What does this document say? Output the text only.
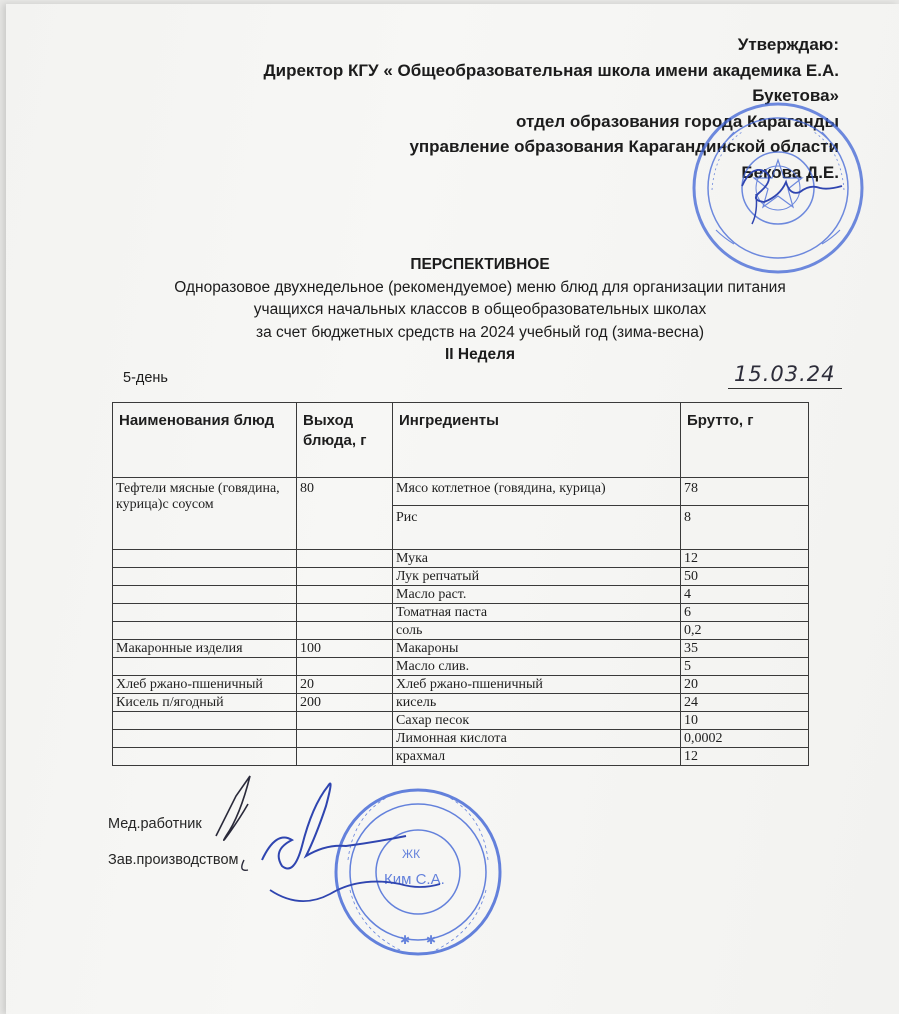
Утверждаю:
Директор КГУ « Общеобразовательная школа имени академика Е.А.
Букетова»
отдел образования города Караганды
управление образования Карагандинской области
Бекова Д.Е.
ПЕРСПЕКТИВНОЕ
Одноразовое двухнедельное (рекомендуемое) меню блюд для организации питания
учащихся начальных классов в общеобразовательных школах
за счет бюджетных средств на 2024 учебный год (зима-весна)
II Неделя
5-день	15.03.24
Наименования блюд	Выход блюда, г	Ингредиенты	Брутто, г
Тефтели мясные (говядина, курица)с соусом	80	Мясо котлетное (говядина, курица)	78
		Рис	8
		Мука	12
		Лук репчатый	50
		Масло раст.	4
		Томатная паста	6
		соль	0,2
Макаронные изделия	100	Макароны	35
		Масло слив.	5
Хлеб ржано-пшеничный	20	Хлеб ржано-пшеничный	20
Кисель п/ягодный	200	кисель	24
		Сахар песок	10
		Лимонная кислота	0,0002
		крахмал	12
Мед.работник
Зав.производством	ЖК
Ким С.А.
✱
✱
